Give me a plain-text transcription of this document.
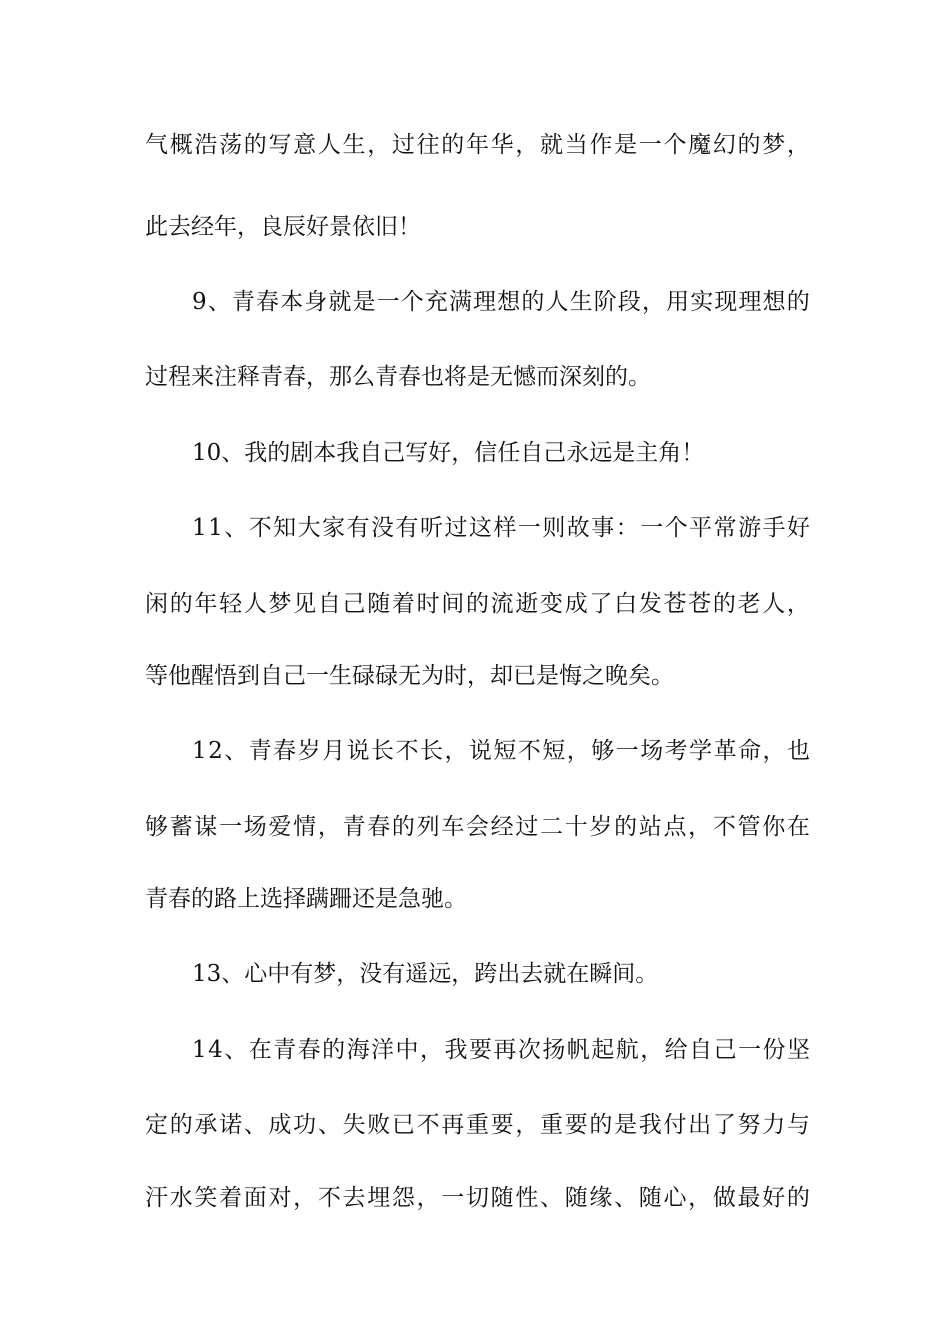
气 概 浩 荡 的 写 意 人 生 ， 过 往 的 年 华 ， 就 当 作 是 一 个 魔 幻 的 梦 ，
此去经年，良辰好景依旧！
9 、 青 春 本 身 就 是 一 个 充 满 理 想 的 人 生 阶 段 ， 用 实 现 理 想 的
过程来注释青春，那么青春也将是无憾而深刻的。
10、我的剧本我自己写好，信任自己永远是主角！
1 1 、 不 知 大 家 有 没 有 听 过 这 样 一 则 故 事 ： 一 个 平 常 游 手 好
闲 的 年 轻 人 梦 见 自 己 随 着 时 间 的 流 逝 变 成 了 白 发 苍 苍 的 老 人 ，
等他醒悟到自己一生碌碌无为时，却已是悔之晚矣。
1 2 、 青 春 岁 月 说 长 不 长 ， 说 短 不 短 ， 够 一 场 考 学 革 命 ， 也
够 蓄 谋 一 场 爱 情 ， 青 春 的 列 车 会 经 过 二 十 岁 的 站 点 ， 不 管 你 在
青春的路上选择蹒跚还是急驰。
13、心中有梦，没有遥远，跨出去就在瞬间。
1 4 、 在 青 春 的 海 洋 中 ， 我 要 再 次 扬 帆 起 航 ， 给 自 己 一 份 坚
定 的 承 诺 、 成 功 、 失 败 已 不 再 重 要 ， 重 要 的 是 我 付 出 了 努 力 与
汗 水 笑 着 面 对 ， 不 去 埋 怨 ， 一 切 随 性 、 随 缘 、 随 心 ， 做 最 好 的
